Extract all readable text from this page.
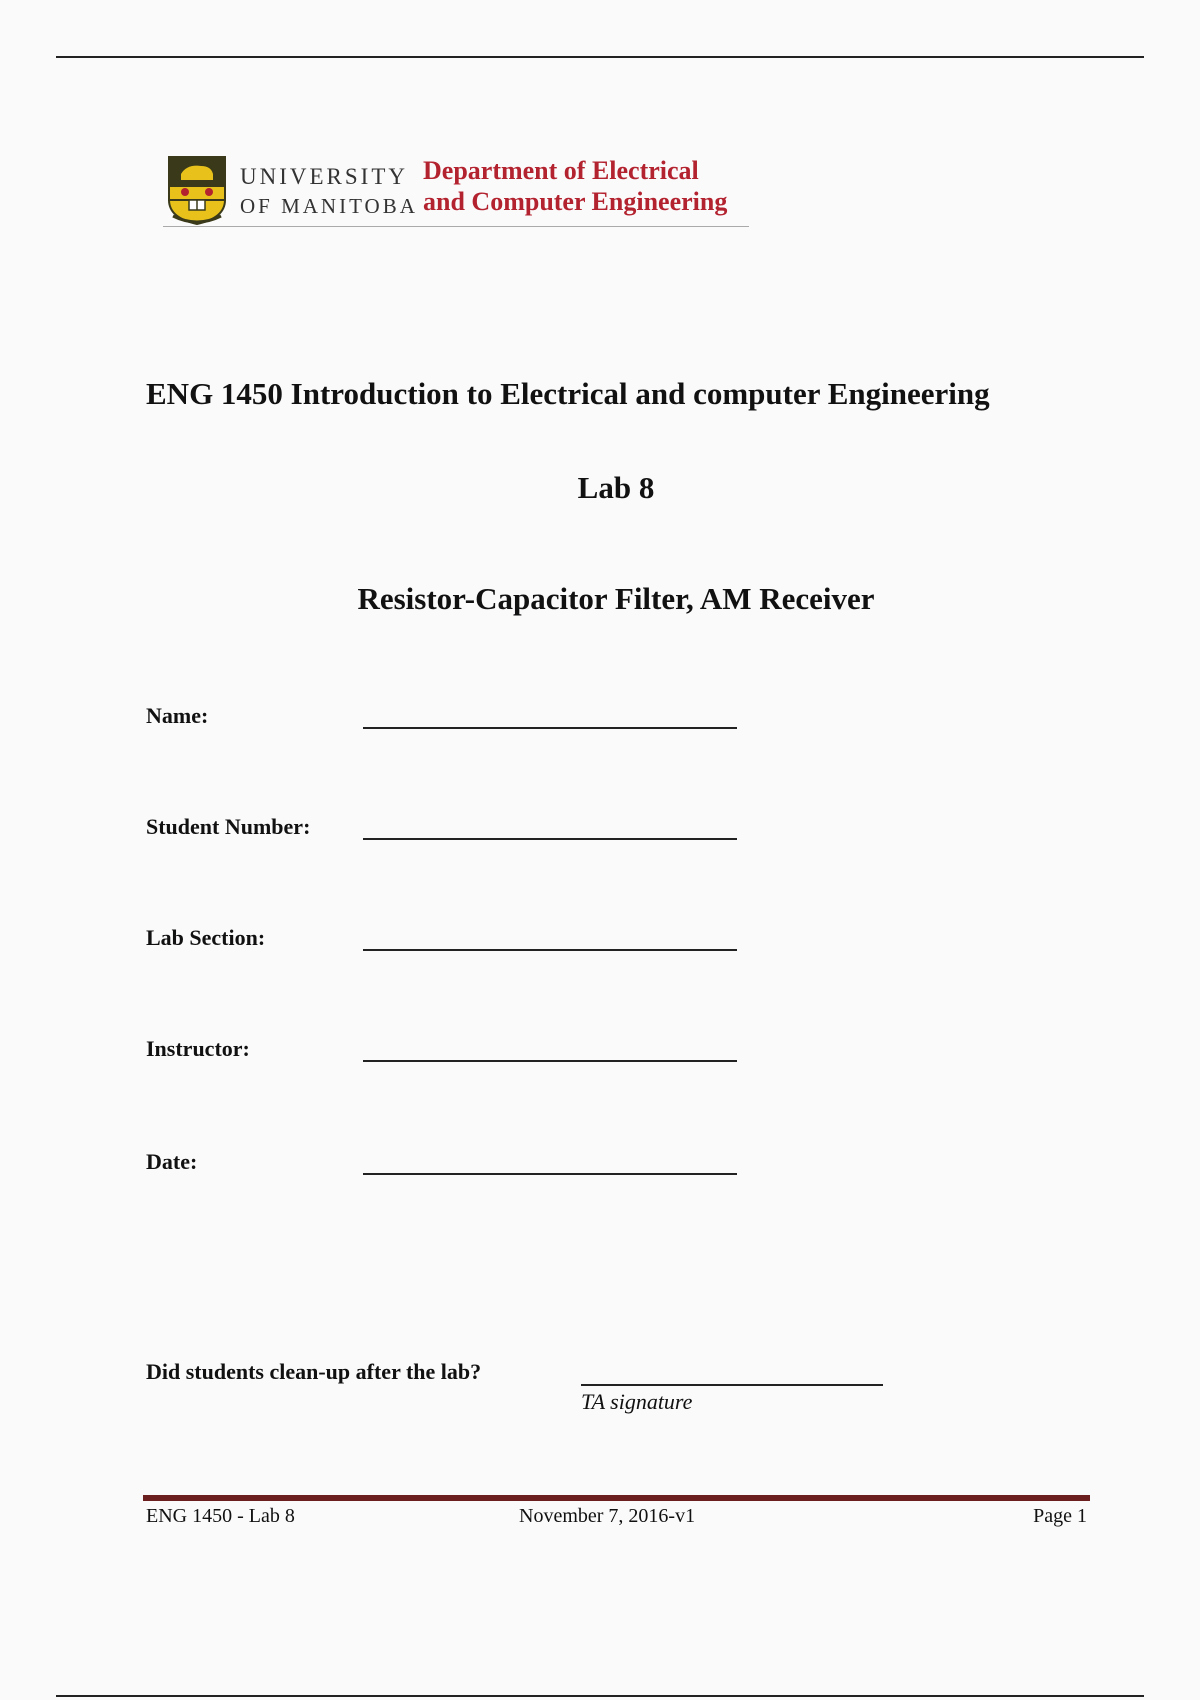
UNIVERSITY
OF MANITOBA
Department of Electrical
and Computer Engineering
ENG 1450 Introduction to Electrical and computer Engineering
Lab 8
Resistor-Capacitor Filter, AM Receiver
Name:
Student Number:
Lab Section:
Instructor:
Date:
Did students clean-up after the lab?
TA signature
ENG 1450 - Lab 8	November 7, 2016-v1	Page 1
